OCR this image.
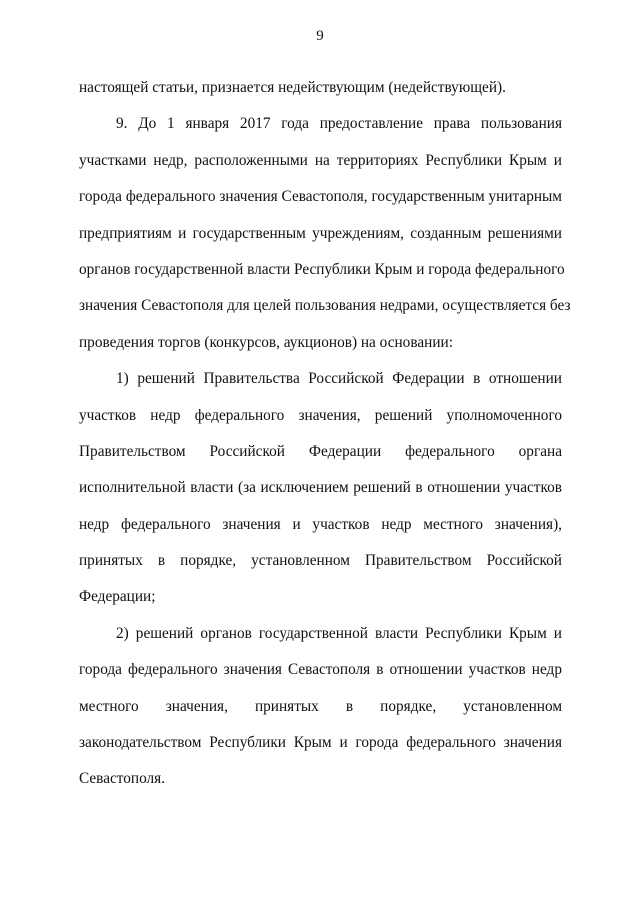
9
настоящей статьи, признается недействующим (недействующей).
9. До 1 января 2017 года предоставление права пользования
участками недр, расположенными на территориях Республики Крым и
города федерального значения Севастополя, государственным унитарным
предприятиям и государственным учреждениям, созданным решениями
органов государственной власти Республики Крым и города федерального
значения Севастополя для целей пользования недрами, осуществляется без
проведения торгов (конкурсов, аукционов) на основании:
1) решений Правительства Российской Федерации в отношении
участков недр федерального значения, решений уполномоченного
Правительством Российской Федерации федерального органа
исполнительной власти (за исключением решений в отношении участков
недр федерального значения и участков недр местного значения),
принятых в порядке, установленном Правительством Российской
Федерации;
2) решений органов государственной власти Республики Крым и
города федерального значения Севастополя в отношении участков недр
местного значения, принятых в порядке, установленном
законодательством Республики Крым и города федерального значения
Севастополя.
